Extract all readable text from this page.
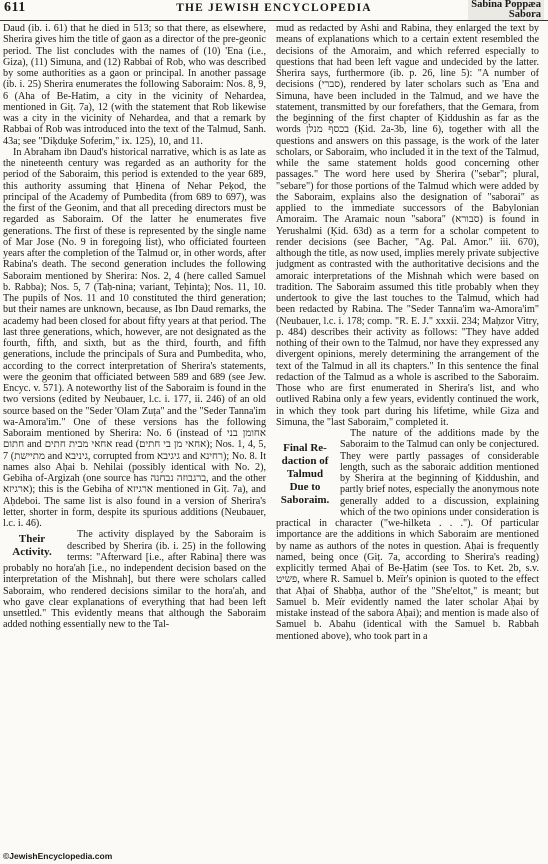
611	THE JEWISH ENCYCLOPEDIA	Sabina Poppæa
Sabora

Daud (ib. i. 61) that he died in 513; so that there, as elsewhere, Sherira gives him the title of gaon as a director of the pre-geonic period. The list concludes with the names of (10) 'Ena (i.e., Giza), (11) Simuna, and (12) Rabbai of Rob, who was described by some authorities as a gaon or principal. In another passage (ib. i. 25) Sherira enumerates the following Saboraim: Nos. 8, 9, 6 (Aha of Be-Hatim, a city in the vicinity of Nehardea, mentioned in Giṭ. 7a), 12 (with the statement that Rob likewise was a city in the vicinity of Nehardea, and that a remark by Rabbai of Rob was introduced into the text of the Talmud, Sanh. 43a; see "Diḳduḳe Soferim," ix. 125), 10, and 11.

In Abraham ibn Daud's historical narrative, which is as late as the nineteenth century was regarded as an authority for the period of the Saboraim, this period is extended to the year 689, this authority assuming that Ḥinena of Nehar Peḳod, the principal of the Academy of Pumbedita (from 689 to 697), was the first of the Geonim, and that all preceding directors must be regarded as Saboraim. Of the latter he enumerates five generations. The first of these is represented by the single name of Mar Jose (No. 9 in foregoing list), who officiated fourteen years after the completion of the Talmud or, in other words, after Rabina's death. The second generation includes the following Saboraim mentioned by Sherira: Nos. 2, 4 (here called Samuel b. Rabba); Nos. 5, 7 (Taḥ-nina; variant, Teḥinta); Nos. 11, 10. The pupils of Nos. 11 and 10 constituted the third generation; but their names are unknown, because, as Ibn Daud remarks, the academy had been closed for about fifty years at that period. The last three generations, which, however, are not designated as the fourth, fifth, and sixth, but as the third, fourth, and fifth generations, include the principals of Sura and Pumbedita, who, according to the correct interpretation of Sherira's statements, were the geonim that officiated between 589 and 689 (see Jew. Encyc. v. 571). A noteworthy list of the Saboraim is found in the two versions (edited by Neubauer, l.c. i. 177, ii. 246) of an old source based on the "Seder 'Olam Zuṭa" and the "Seder Tanna'im wa-Amora'im." One of these versions has the following Saboraim mentioned by Sherira: No. 6 (instead of אחומן בני חתום and אחאי מבית חתים read (אחאי מן בי חתים); Nos. 1, 4, 5, 7 (מתיישת and גיניבא, corrupted from גיגיבא and רחינא); No. 8. It names also Aḥai b. Nehilai (possibly identical with No. 2), Gebiha of-Argizah (one source has ברגבוזה נבחנה, and the other ארגיזא); this is the Gebiha of ארגיזא mentioned in Giṭ. 7a), and Aḥdeboi. The same list is also found in a version of Sherira's letter, shorter in form, despite its spurious additions (Neubauer, l.c. i. 46).

Their
Activity.

The activity displayed by the Saboraim is described by Sherira (ib. i. 25) in the following terms: "Afterward [i.e., after Rabina] there was probably no hora'ah [i.e., no independent decision based on the interpretation of the Mishnah], but there were scholars called Saboraim, who rendered decisions similar to the hora'ah, and who gave clear explanations of everything that had been left unsettled." This evidently means that although the Saboraim added nothing essentially new to the Tal-

mud as redacted by Ashi and Rabina, they enlarged the text by means of explanations which to a certain extent resembled the decisions of the Amoraim, and which referred especially to questions that had been left vague and undecided by the latter. Sherira says, furthermore (ib. p. 26, line 5): "A number of decisions (סברי), rendered by later scholars such as 'Ena and Simuna, have been included in the Talmud, and we have the statement, transmitted by our forefathers, that the Gemara, from the beginning of the first chapter of Ḳiddushin as far as the words בכסף מנלן (Ḳid. 2a-3b, line 6), together with all the questions and answers on this passage, is the work of the later scholars, or Saboraim, who included it in the text of the Talmud, while the same statement holds good concerning other passages." The word here used by Sherira ("sebar"; plural, "sebare") for those portions of the Talmud which were added by the Saboraim, explains also the designation of "saborai" as applied to the immediate successors of the Babylonian Amoraim. The Aramaic noun "sabora" (סבורא) is found in Yerushalmi (Ḳid. 63d) as a term for a scholar competent to render decisions (see Bacher, "Ag. Pal. Amor." iii. 670), although the title, as now used, implies merely private subjective judgment as contrasted with the authoritative decisions and the amoraic interpretations of the Mishnah which were based on tradition. The Saboraim assumed this title probably when they undertook to give the last touches to the Talmud, which had been redacted by Rabina. The "Seder Tanna'im wa-Amora'im" (Neubauer, l.c. i. 178; comp. "R. E. J." xxxii. 234; Maḥzor Vitry, p. 484) describes their activity as follows: "They have added nothing of their own to the Talmud, nor have they expressed any divergent opinions, merely determining the arrangement of the text of the Talmud in all its chapters." In this sentence the final redaction of the Talmud as a whole is ascribed to the Saboraim. Those who are first enumerated in Sherira's list, and who outlived Rabina only a few years, evidently continued the work, in which they took part during his lifetime, while Giza and Simuna, the "last Saboraim," completed it.

Final Re-
daction of
Talmud
Due to
Saboraim.

The nature of the additions made by the Saboraim to the Talmud can only be conjectured. They were partly passages of considerable length, such as the saboraic addition mentioned by Sherira at the beginning of Ḳiddushin, and partly brief notes, especially the anonymous note generally added to a discussion, explaining which of the two opinions under consideration is practical in character ("we-hilketa . . ."). Of particular importance are the additions in which Saboraim are mentioned by name as authors of the notes in question. Aḥai is frequently named, being once (Giṭ. 7a, according to Sherira's reading) explicitly termed Aḥai of Be-Ḥatim (see Tos. to Ket. 2b, s.v. פשיט, where R. Samuel b. Meïr's opinion is quoted to the effect that Aḥai of Shabḥa, author of the "She'eltot," is meant; but Samuel b. Meïr evidently named the later scholar Aḥai by mistake instead of the sabora Aḥai); and mention is made also of Samuel b. Abahu (identical with the Samuel b. Rabbah mentioned above), who took part in a

©JewishEncyclopedia.com
